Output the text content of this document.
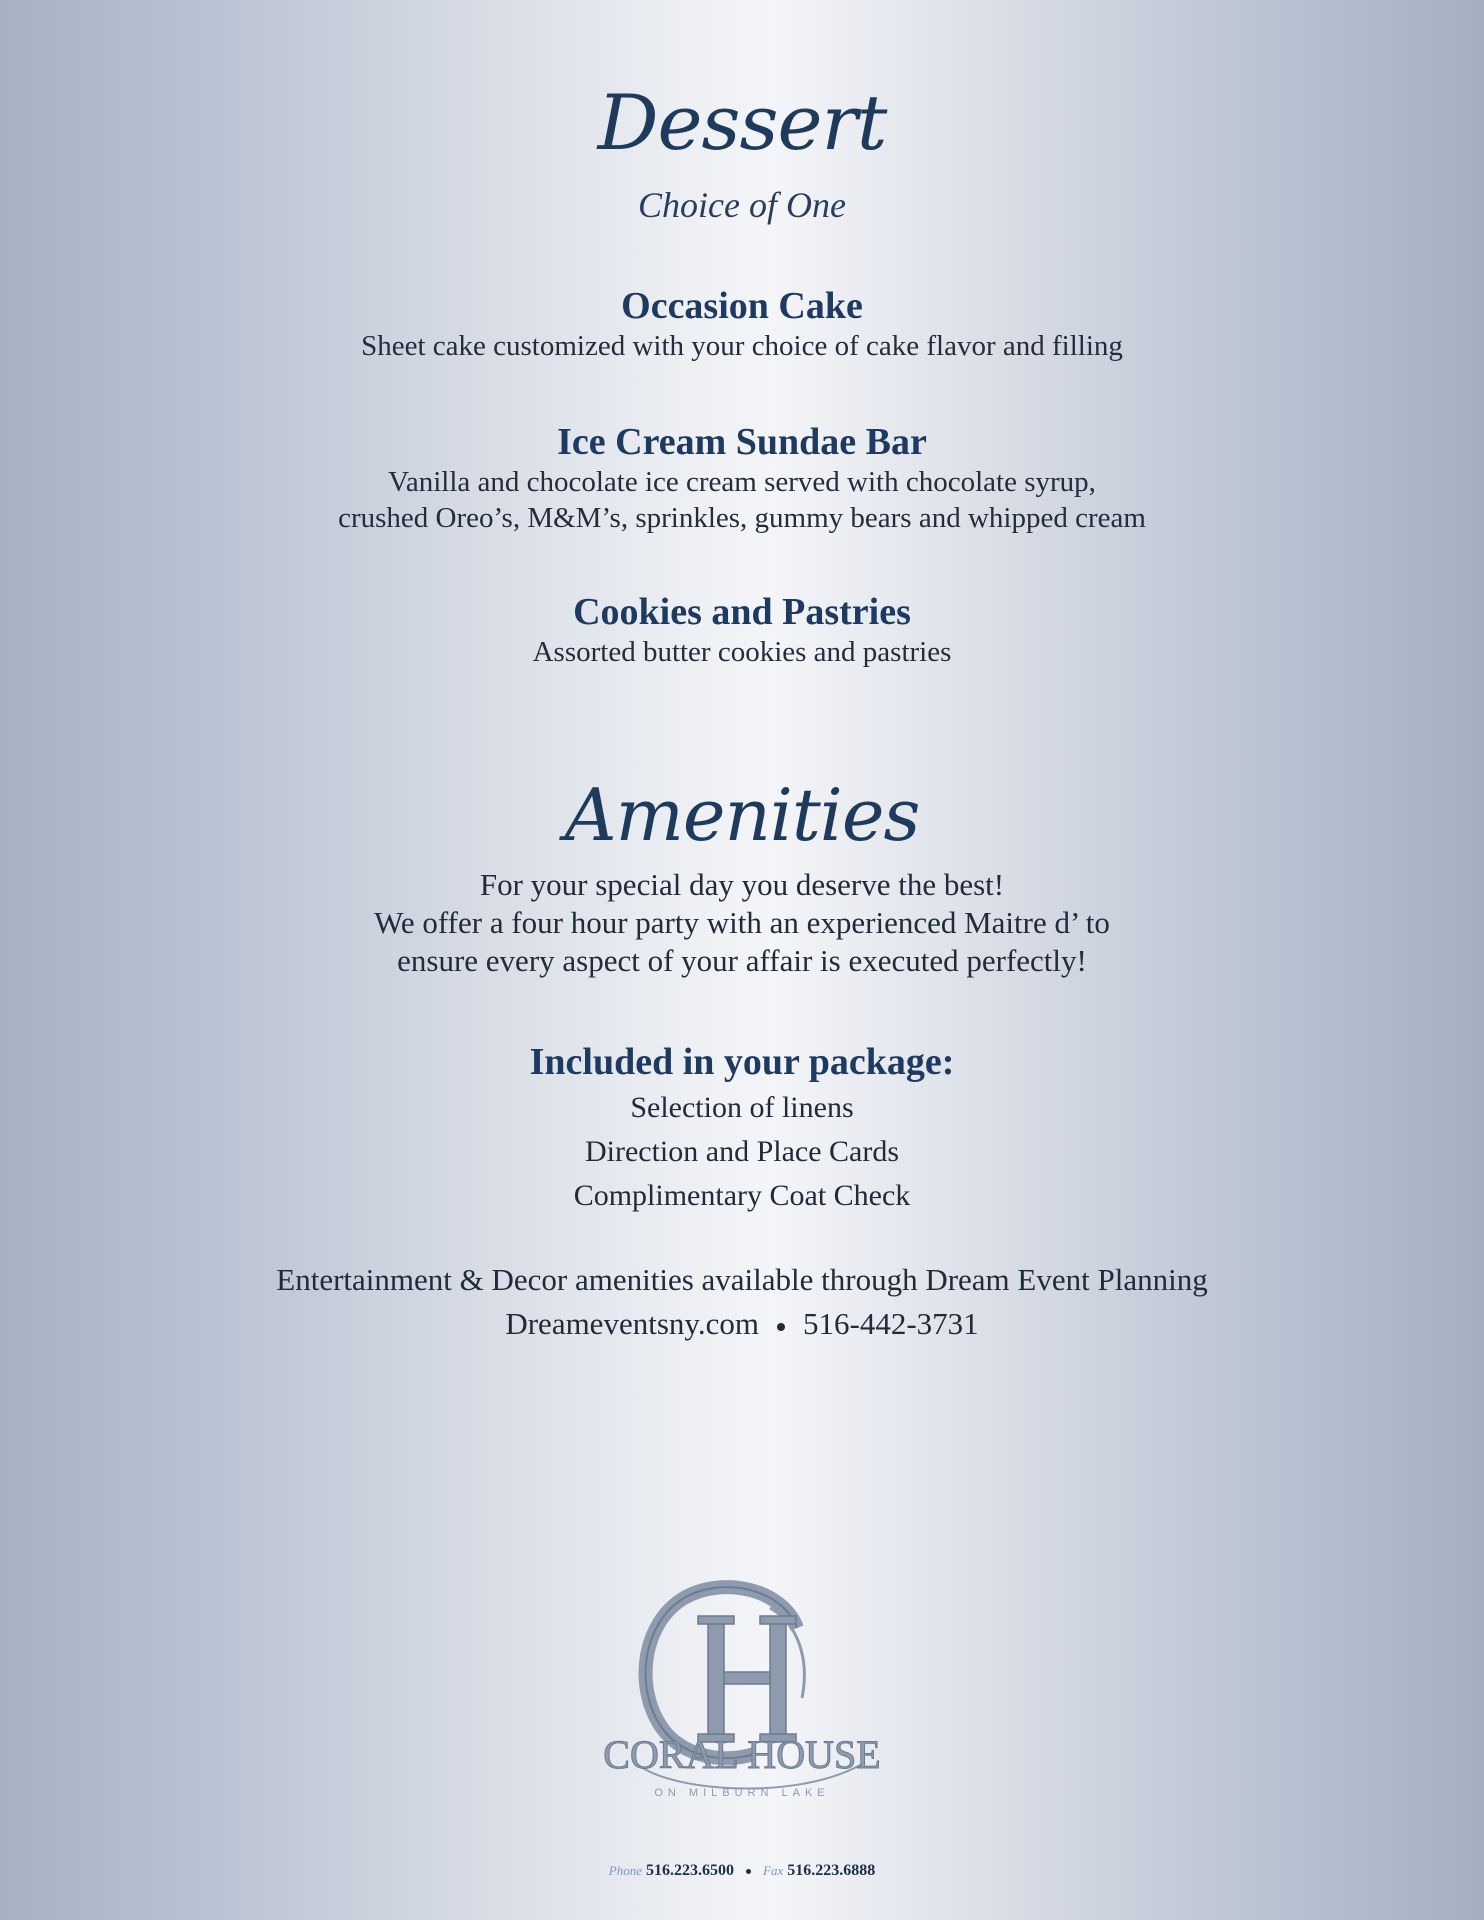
Dessert
Choice of One
Occasion Cake
Sheet cake customized with your choice of cake flavor and filling
Ice Cream Sundae Bar
Vanilla and chocolate ice cream served with chocolate syrup,
crushed Oreo’s, M&M’s, sprinkles, gummy bears and whipped cream
Cookies and Pastries
Assorted butter cookies and pastries
Amenities
For your special day you deserve the best!
We offer a four hour party with an experienced Maitre d’ to
ensure every aspect of your affair is executed perfectly!
Included in your package:
Selection of linens
Direction and Place Cards
Complimentary Coat Check
Entertainment & Decor amenities available through Dream Event Planning
Dreameventsny.com 516-442-3731
CORAL HOUSE
ON MILBURN LAKE
Phone 516.223.6500 Fax 516.223.6888
